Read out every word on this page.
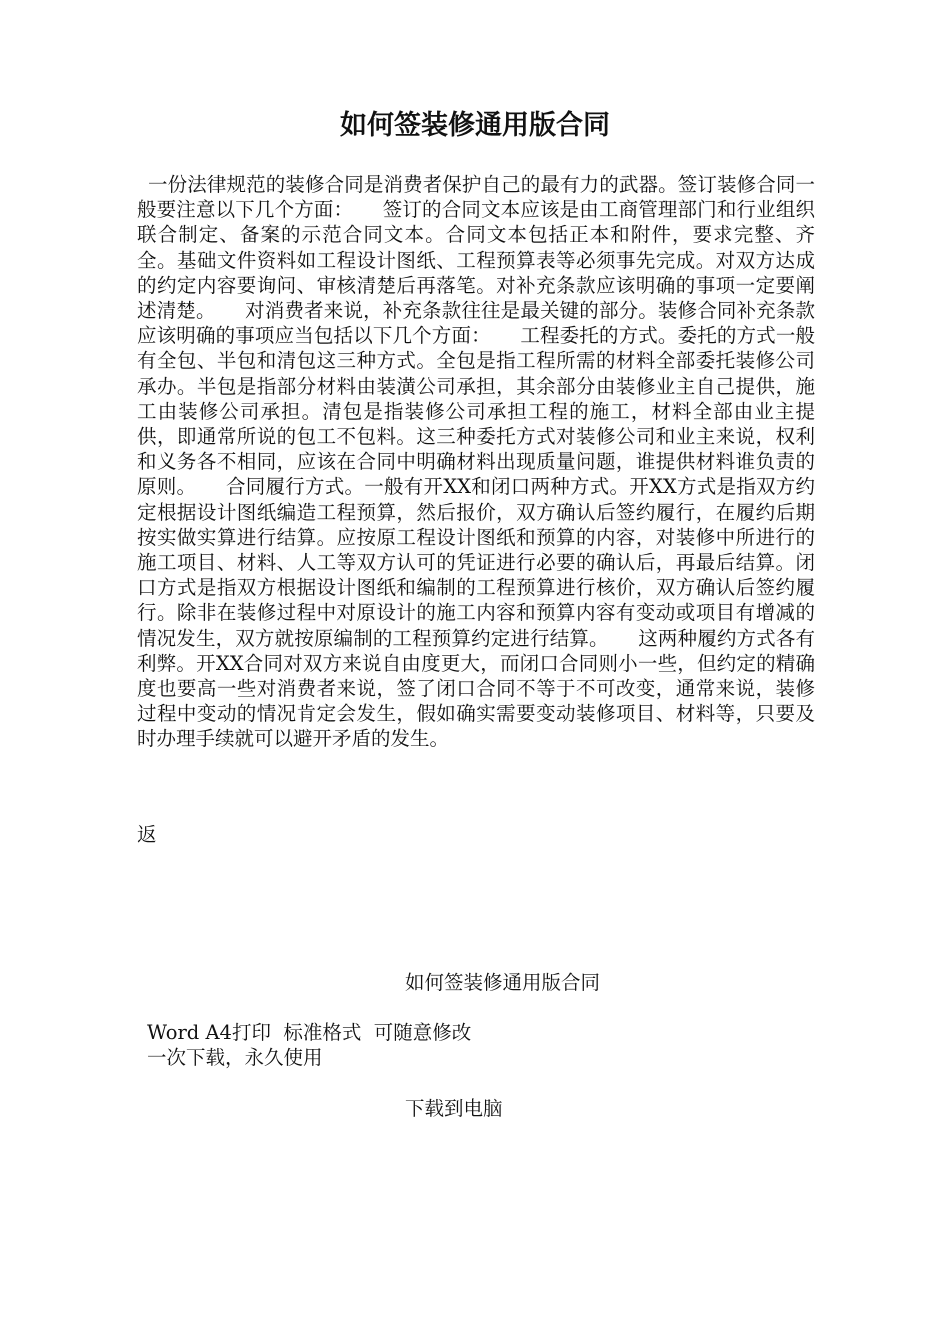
如何签装修通用版合同

一份法律规范的装修合同是消费者保护自己的最有力的武器。签订装修合同一般要注意以下几个方面：　　签订的合同文本应该是由工商管理部门和行业组织联合制定、备案的示范合同文本。合同文本包括正本和附件，要求完整、齐全。基础文件资料如工程设计图纸、工程预算表等必须事先完成。对双方达成的约定内容要询问、审核清楚后再落笔。对补充条款应该明确的事项一定要阐述清楚。　　对消费者来说，补充条款往往是最关键的部分。装修合同补充条款应该明确的事项应当包括以下几个方面：　　工程委托的方式。委托的方式一般有全包、半包和清包这三种方式。全包是指工程所需的材料全部委托装修公司承办。半包是指部分材料由装潢公司承担，其余部分由装修业主自己提供，施工由装修公司承担。清包是指装修公司承担工程的施工，材料全部由业主提供，即通常所说的包工不包料。这三种委托方式对装修公司和业主来说，权利和义务各不相同，应该在合同中明确材料出现质量问题，谁提供材料谁负责的原则。　　合同履行方式。一般有开XX和闭口两种方式。开XX方式是指双方约定根据设计图纸编造工程预算，然后报价，双方确认后签约履行，在履约后期按实做实算进行结算。应按原工程设计图纸和预算的内容，对装修中所进行的施工项目、材料、人工等双方认可的凭证进行必要的确认后，再最后结算。闭口方式是指双方根据设计图纸和编制的工程预算进行核价，双方确认后签约履行。除非在装修过程中对原设计的施工内容和预算内容有变动或项目有增减的情况发生，双方就按原编制的工程预算约定进行结算。　　这两种履约方式各有利弊。开XX合同对双方来说自由度更大，而闭口合同则小一些，但约定的精确度也要高一些对消费者来说，签了闭口合同不等于不可改变，通常来说，装修过程中变动的情况肯定会发生，假如确实需要变动装修项目、材料等，只要及时办理手续就可以避开矛盾的发生。

返

如何签装修通用版合同

Word A4打印  标准格式  可随意修改

一次下载，永久使用

下载到电脑
